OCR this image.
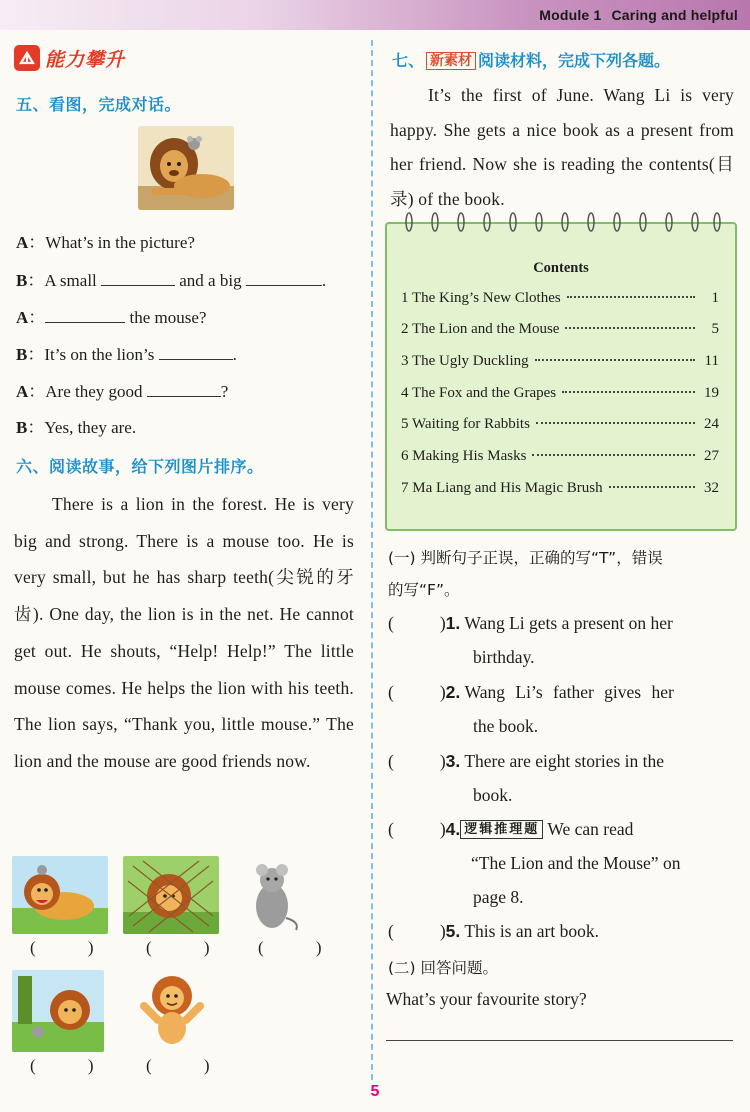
Module 1 Caring and helpful
能力攀升
五、看图，完成对话。
A：What’s in the picture?
B：A small	and a big	.
A：	the mouse?
B：It’s on the lion’s	.
A：Are they good	?
B：Yes, they are.
六、阅读故事，给下列图片排序。

There is a lion in the forest. He is very big and strong. There is a mouse too. He is very small, but he has sharp teeth(尖锐的牙齿). One day, the lion is in the net. He cannot get out. He shouts, “Help! Help!” The little mouse comes. He helps the lion with his teeth. The lion says, “Thank you, little mouse.” The lion and the mouse are good friends now.

( ) ( ) ( )
( ) ( )
七、 新素材 阅读材料，完成下列各题。

It’s the first of June. Wang Li is very happy. She gets a nice book as a present from her friend. Now she is reading the contents(目录) of the book.

Contents
1 The King’s New Clothes	1
2 The Lion and the Mouse	5
3 The Ugly Duckling	11
4 The Fox and the Grapes	19
5 Waiting for Rabbits	24
6 Making His Masks	27
7 Ma Liang and His Magic Brush	32
(一) 判断句子正误，正确的写“T”，错误
的写“F”。
(	)1. Wang Li gets a present on her
birthday.
(	)2. Wang Li’s father gives her
the book.
(	)3. There are eight stories in the
book.
(	)4. 逻辑推理题 We can read
“The Lion and the Mouse” on
page 8.
(	)5. This is an art book.
(二) 回答问题。
What’s your favourite story?
5
